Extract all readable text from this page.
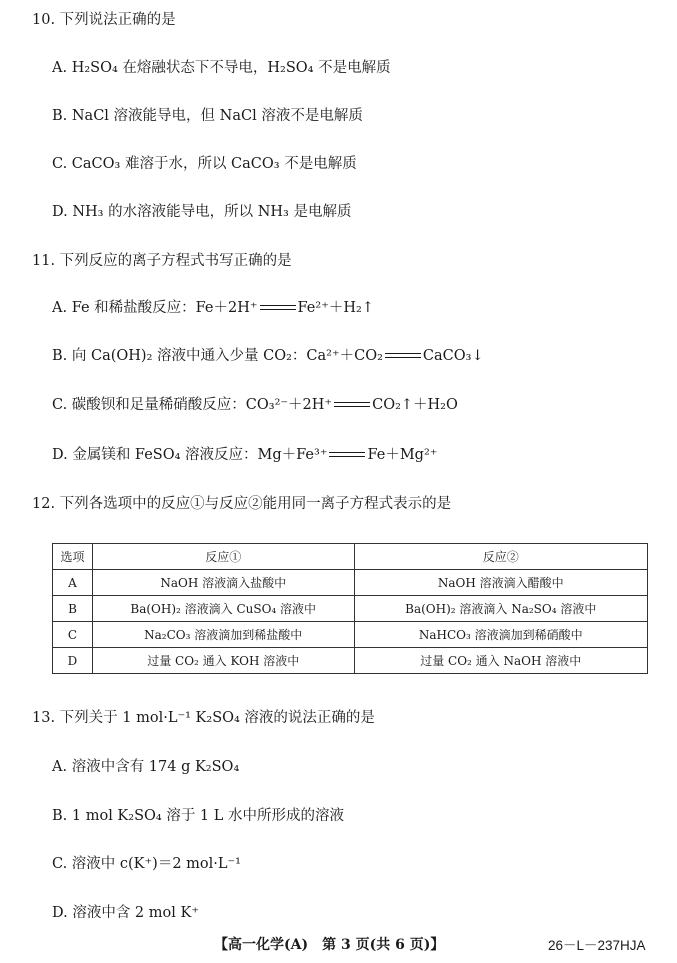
10. 下列说法正确的是
A. H₂SO₄ 在熔融状态下不导电，H₂SO₄ 不是电解质
B. NaCl 溶液能导电，但 NaCl 溶液不是电解质
C. CaCO₃ 难溶于水，所以 CaCO₃ 不是电解质
D. NH₃ 的水溶液能导电，所以 NH₃ 是电解质
11. 下列反应的离子方程式书写正确的是
A. Fe 和稀盐酸反应：Fe＋2H⁺	Fe²⁺＋H₂↑
B. 向 Ca(OH)₂ 溶液中通入少量 CO₂：Ca²⁺＋CO₂	CaCO₃↓
C. 碳酸钡和足量稀硝酸反应：CO₃²⁻＋2H⁺	CO₂↑＋H₂O
D. 金属镁和 FeSO₄ 溶液反应：Mg＋Fe³⁺	Fe＋Mg²⁺
12. 下列各选项中的反应①与反应②能用同一离子方程式表示的是
选项	反应①	反应②
A	NaOH 溶液滴入盐酸中	NaOH 溶液滴入醋酸中
B	Ba(OH)₂ 溶液滴入 CuSO₄ 溶液中	Ba(OH)₂ 溶液滴入 Na₂SO₄ 溶液中
C	Na₂CO₃ 溶液滴加到稀盐酸中	NaHCO₃ 溶液滴加到稀硝酸中
D	过量 CO₂ 通入 KOH 溶液中	过量 CO₂ 通入 NaOH 溶液中
13. 下列关于 1 mol·L⁻¹ K₂SO₄ 溶液的说法正确的是
A. 溶液中含有 174 g K₂SO₄
B. 1 mol K₂SO₄ 溶于 1 L 水中所形成的溶液
C. 溶液中 c(K⁺)＝2 mol·L⁻¹
D. 溶液中含 2 mol K⁺
【高一化学(A)　第 3 页(共 6 页)】	26－L－237HJA
